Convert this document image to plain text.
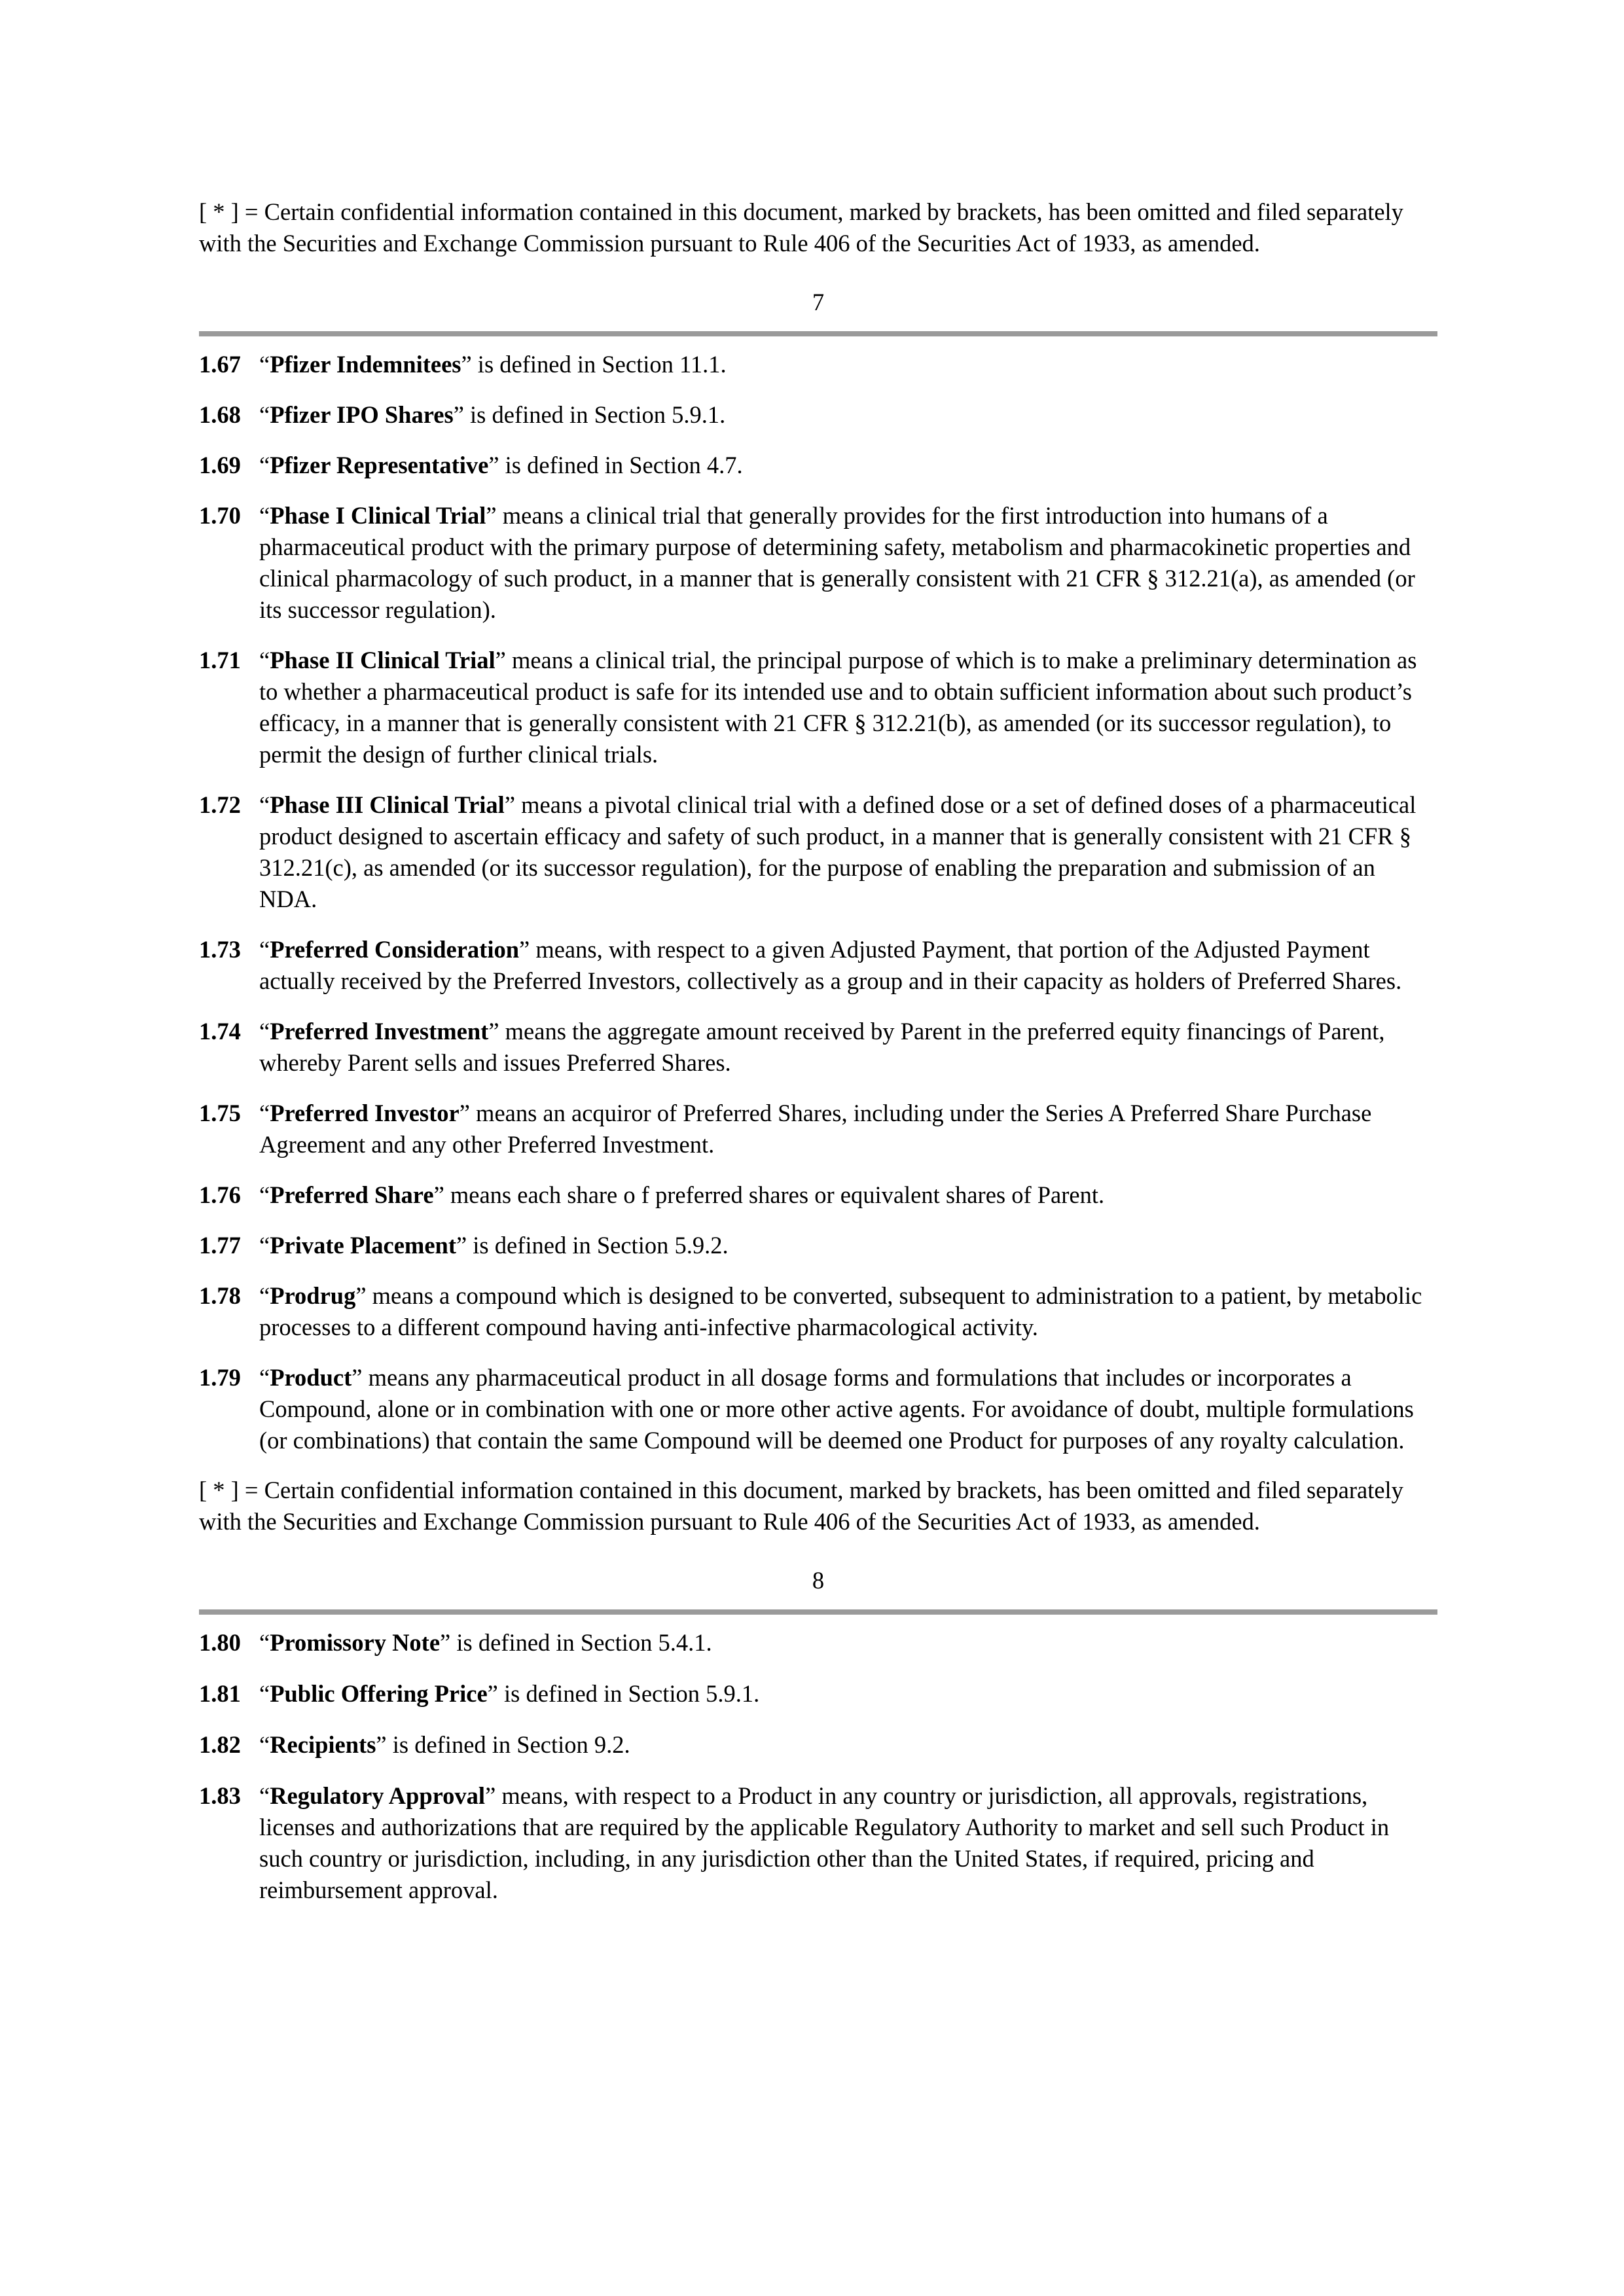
[ * ] = Certain confidential information contained in this document, marked by brackets, has been omitted and filed separately with the Securities and Exchange Commission pursuant to Rule 406 of the Securities Act of 1933, as amended.

7

1.67 “Pfizer Indemnitees” is defined in Section 11.1.

1.68 “Pfizer IPO Shares” is defined in Section 5.9.1.

1.69 “Pfizer Representative” is defined in Section 4.7.

1.70 “Phase I Clinical Trial” means a clinical trial that generally provides for the first introduction into humans of a pharmaceutical product with the primary purpose of determining safety, metabolism and pharmacokinetic properties and clinical pharmacology of such product, in a manner that is generally consistent with 21 CFR § 312.21(a), as amended (or its successor regulation).

1.71 “Phase II Clinical Trial” means a clinical trial, the principal purpose of which is to make a preliminary determination as to whether a pharmaceutical product is safe for its intended use and to obtain sufficient information about such product’s efficacy, in a manner that is generally consistent with 21 CFR § 312.21(b), as amended (or its successor regulation), to permit the design of further clinical trials.

1.72 “Phase III Clinical Trial” means a pivotal clinical trial with a defined dose or a set of defined doses of a pharmaceutical product designed to ascertain efficacy and safety of such product, in a manner that is generally consistent with 21 CFR § 312.21(c), as amended (or its successor regulation), for the purpose of enabling the preparation and submission of an NDA.

1.73 “Preferred Consideration” means, with respect to a given Adjusted Payment, that portion of the Adjusted Payment actually received by the Preferred Investors, collectively as a group and in their capacity as holders of Preferred Shares.

1.74 “Preferred Investment” means the aggregate amount received by Parent in the preferred equity financings of Parent, whereby Parent sells and issues Preferred Shares.

1.75 “Preferred Investor” means an acquiror of Preferred Shares, including under the Series A Preferred Share Purchase Agreement and any other Preferred Investment.

1.76 “Preferred Share” means each share o f preferred shares or equivalent shares of Parent.

1.77 “Private Placement” is defined in Section 5.9.2.

1.78 “Prodrug” means a compound which is designed to be converted, subsequent to administration to a patient, by metabolic processes to a different compound having anti-infective pharmacological activity.

1.79 “Product” means any pharmaceutical product in all dosage forms and formulations that includes or incorporates a Compound, alone or in combination with one or more other active agents. For avoidance of doubt, multiple formulations (or combinations) that contain the same Compound will be deemed one Product for purposes of any royalty calculation.

[ * ] = Certain confidential information contained in this document, marked by brackets, has been omitted and filed separately with the Securities and Exchange Commission pursuant to Rule 406 of the Securities Act of 1933, as amended.

8

1.80 “Promissory Note” is defined in Section 5.4.1.

1.81 “Public Offering Price” is defined in Section 5.9.1.

1.82 “Recipients” is defined in Section 9.2.

1.83 “Regulatory Approval” means, with respect to a Product in any country or jurisdiction, all approvals, registrations, licenses and authorizations that are required by the applicable Regulatory Authority to market and sell such Product in such country or jurisdiction, including, in any jurisdiction other than the United States, if required, pricing and reimbursement approval.
